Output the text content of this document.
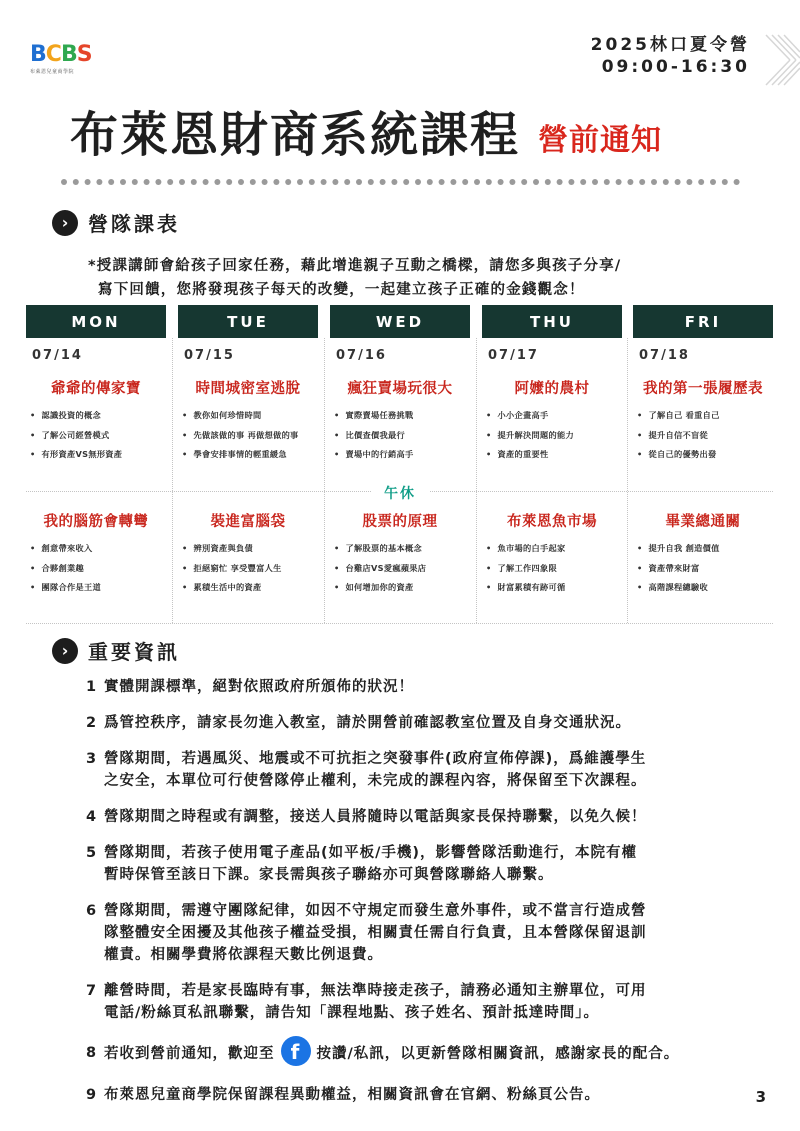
B C B S
布萊恩兒童商學院
2025林口夏令營
09:00-16:30
布萊恩財商系統課程 營前通知
› 營隊課表
*授課講師會給孩子回家任務，藉此增進親子互動之橋樑，請您多與孩子分享/
寫下回饋，您將發現孩子每天的改變，一起建立孩子正確的金錢觀念！
MON
07/14
爺爺的傳家寶
• 認識投資的概念
• 了解公司經營模式
• 有形資產VS無形資產
TUE
07/15
時間城密室逃脫
• 教你如何珍惜時間
• 先做該做的事 再做想做的事
• 學會安排事情的輕重緩急
WED
07/16
瘋狂賣場玩很大
• 實際賣場任務挑戰
• 比價查價我最行
• 賣場中的行銷高手
THU
07/17
阿嬤的農村
• 小小企畫高手
• 提升解決問題的能力
• 資產的重要性
FRI
07/18
我的第一張履歷表
• 了解自己 看重自己
• 提升自信不盲從
• 從自己的優勢出發
午休
我的腦筋會轉彎
• 創意帶來收入
• 合夥創業趣
• 團隊合作是王道
裝進富腦袋
• 辨別資產與負債
• 拒絕窮忙 享受豐富人生
• 累積生活中的資產
股票的原理
• 了解股票的基本概念
• 台雞店VS愛瘋蘋果店
• 如何增加你的資產
布萊恩魚市場
• 魚市場的白手起家
• 了解工作四象限
• 財富累積有跡可循
畢業總通關
• 提升自我 創造價值
• 資產帶來財富
• 高階課程總驗收
› 重要資訊
1 實體開課標準，絕對依照政府所頒佈的狀況！
2 爲管控秩序，請家長勿進入教室，請於開營前確認教室位置及自身交通狀況。
3 營隊期間，若遇風災、地震或不可抗拒之突發事件(政府宣佈停課)，爲維護學生
之安全，本單位可行使營隊停止權利，未完成的課程內容，將保留至下次課程。
4 營隊期間之時程或有調整，接送人員將隨時以電話與家長保持聯繫，以免久候！
5 營隊期間，若孩子使用電子產品(如平板/手機)，影響營隊活動進行，本院有權
暫時保管至該日下課。家長需與孩子聯絡亦可與營隊聯絡人聯繫。
6 營隊期間，需遵守團隊紀律，如因不守規定而發生意外事件，或不當言行造成營
隊整體安全困擾及其他孩子權益受損，相關責任需自行負責，且本營隊保留退訓
權責。相關學費將依課程天數比例退費。
7 離營時間，若是家長臨時有事，無法準時接走孩子，請務必通知主辦單位，可用
電話/粉絲頁私訊聯繫，請告知「課程地點、孩子姓名、預計抵達時間」。
8 若收到營前通知，歡迎至 f 按讚/私訊，以更新營隊相關資訊，感謝家長的配合。
9 布萊恩兒童商學院保留課程異動權益，相關資訊會在官網、粉絲頁公告。	3
